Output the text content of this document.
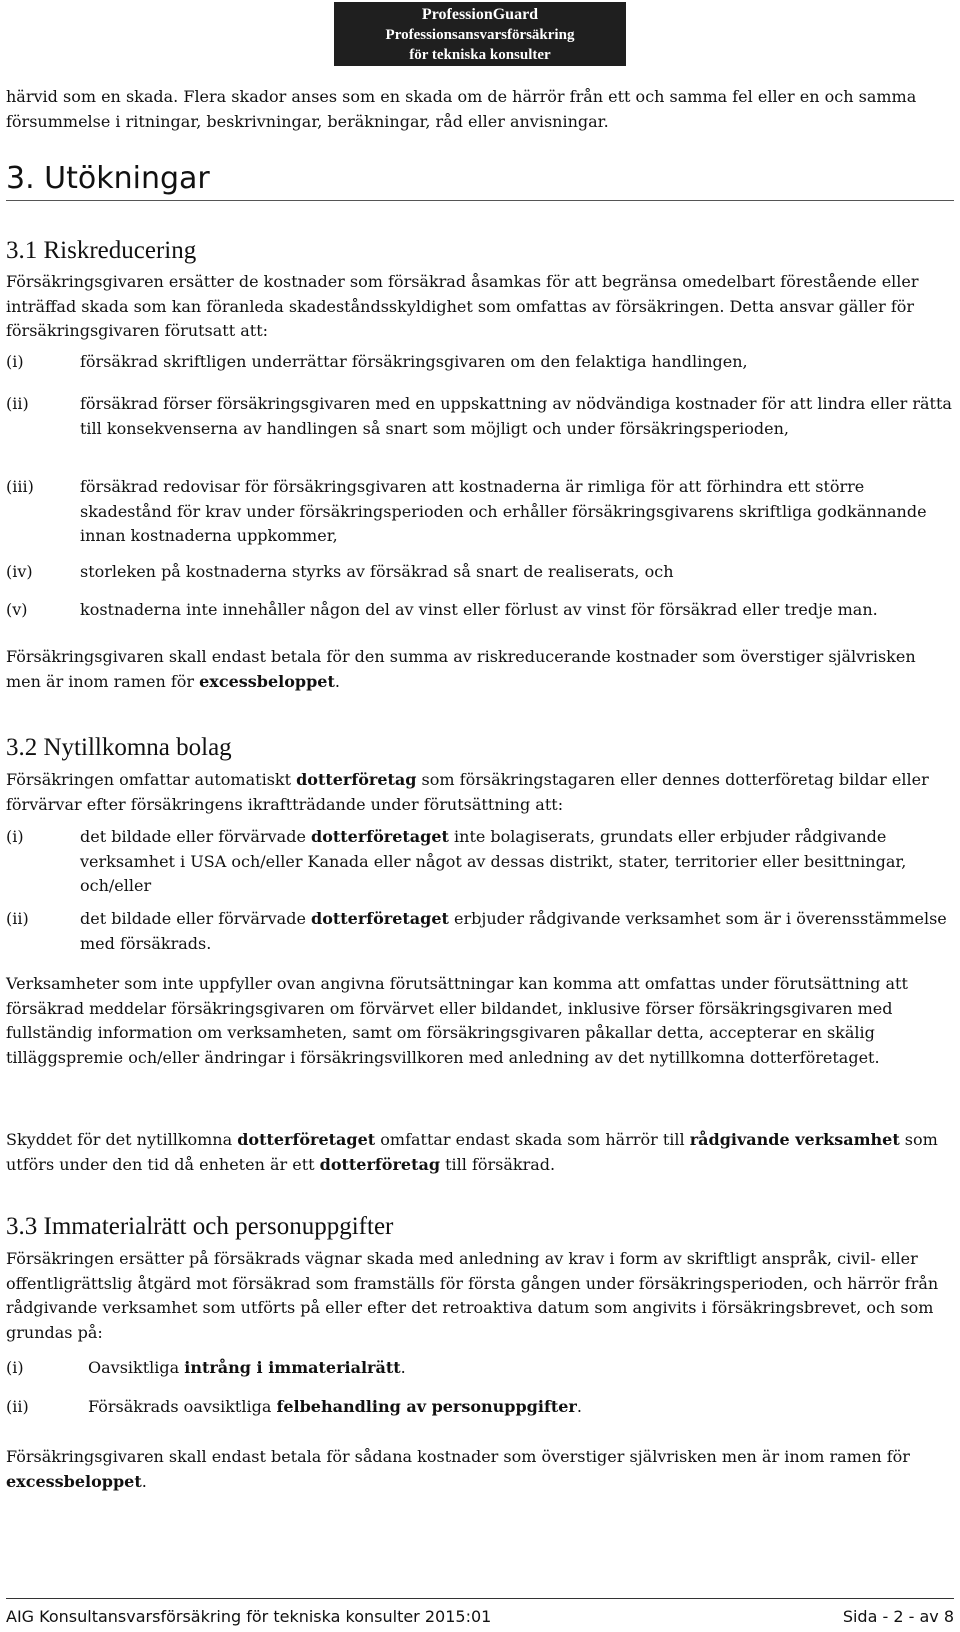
ProfessionGuard
Professionsansvarsförsäkring
för tekniska konsulter

härvid som en skada. Flera skador anses som en skada om de härrör från ett och samma fel eller en och samma försummelse i ritningar, beskrivningar, beräkningar, råd eller anvisningar.

3. Utökningar
3.1 Riskreducering

Försäkringsgivaren ersätter de kostnader som försäkrad åsamkas för att begränsa omedelbart förestående eller inträffad skada som kan föranleda skadeståndsskyldighet som omfattas av försäkringen. Detta ansvar gäller för försäkringsgivaren förutsatt att:

(i)	försäkrad skriftligen underrättar försäkringsgivaren om den felaktiga handlingen,

(ii)	försäkrad förser försäkringsgivaren med en uppskattning av nödvändiga kostnader för att lindra eller rätta till konsekvenserna av handlingen så snart som möjligt och under försäkringsperioden,

(iii)	försäkrad redovisar för försäkringsgivaren att kostnaderna är rimliga för att förhindra ett större skadestånd för krav under försäkringsperioden och erhåller försäkringsgivarens skriftliga godkännande innan kostnaderna uppkommer,

(iv)	storleken på kostnaderna styrks av försäkrad så snart de realiserats, och

(v)	kostnaderna inte innehåller någon del av vinst eller förlust av vinst för försäkrad eller tredje man.

Försäkringsgivaren skall endast betala för den summa av riskreducerande kostnader som överstiger självrisken men är inom ramen för excessbeloppet.

3.2 Nytillkomna bolag

Försäkringen omfattar automatiskt dotterföretag som försäkringstagaren eller dennes dotterföretag bildar eller förvärvar efter försäkringens ikraftträdande under förutsättning att:

(i)	det bildade eller förvärvade dotterföretaget inte bolagiserats, grundats eller erbjuder rådgivande verksamhet i USA och/eller Kanada eller något av dessas distrikt, stater, territorier eller besittningar, och/eller

(ii)	det bildade eller förvärvade dotterföretaget erbjuder rådgivande verksamhet som är i överensstämmelse med försäkrads.

Verksamheter som inte uppfyller ovan angivna förutsättningar kan komma att omfattas under förutsättning att försäkrad meddelar försäkringsgivaren om förvärvet eller bildandet, inklusive förser försäkringsgivaren med fullständig information om verksamheten, samt om försäkringsgivaren påkallar detta, accepterar en skälig tilläggspremie och/eller ändringar i försäkringsvillkoren med anledning av det nytillkomna dotterföretaget.

Skyddet för det nytillkomna dotterföretaget omfattar endast skada som härrör till rådgivande verksamhet som utförs under den tid då enheten är ett dotterföretag till försäkrad.

3.3 Immaterialrätt och personuppgifter

Försäkringen ersätter på försäkrads vägnar skada med anledning av krav i form av skriftligt anspråk, civil- eller offentligrättslig åtgärd mot försäkrad som framställs för första gången under försäkringsperioden, och härrör från rådgivande verksamhet som utförts på eller efter det retroaktiva datum som angivits i försäkringsbrevet, och som grundas på:

(i)	Oavsiktliga intrång i immaterialrätt.

(ii)	Försäkrads oavsiktliga felbehandling av personuppgifter.

Försäkringsgivaren skall endast betala för sådana kostnader som överstiger självrisken men är inom ramen för excessbeloppet.

AIG Konsultansvarsförsäkring för tekniska konsulter 2015:01	Sida - 2 - av 8
